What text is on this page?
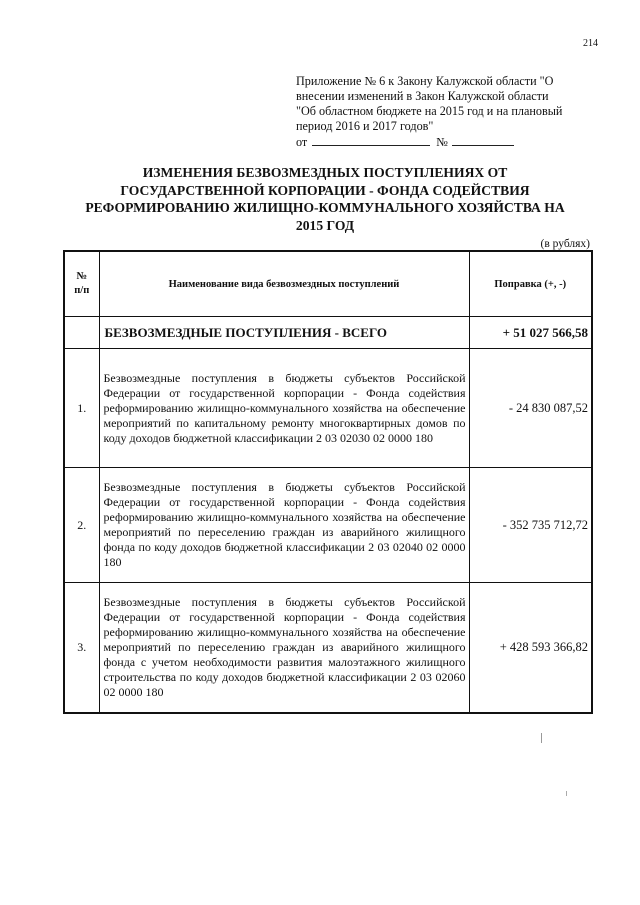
214
Приложение № 6 к Закону Калужской области "О
внесении изменений в Закон Калужской области
"Об областном бюджете на 2015 год и на плановый
период 2016 и 2017 годов"
от	№
ИЗМЕНЕНИЯ БЕЗВОЗМЕЗДНЫХ ПОСТУПЛЕНИЯХ ОТ ГОСУДАРСТВЕННОЙ КОРПОРАЦИИ - ФОНДА СОДЕЙСТВИЯ РЕФОРМИРОВАНИЮ ЖИЛИЩНО-КОММУНАЛЬНОГО ХОЗЯЙСТВА НА 2015 ГОД
(в рублях)
№
п/п	Наименование вида безвозмездных поступлений	Поправка (+, -)
	БЕЗВОЗМЕЗДНЫЕ ПОСТУПЛЕНИЯ - ВСЕГО	+ 51 027 566,58
1.	Безвозмездные поступления в бюджеты субъектов Российской Федерации от государственной корпорации - Фонда содействия реформированию жилищно-коммунального хозяйства на обеспечение мероприятий по капитальному ремонту многоквартирных домов по коду доходов бюджетной классификации 2 03 02030 02 0000 180	- 24 830 087,52
2.	Безвозмездные поступления в бюджеты субъектов Российской Федерации от государственной корпорации - Фонда содействия реформированию жилищно-коммунального хозяйства на обеспечение мероприятий по переселению граждан из аварийного жилищного фонда по коду доходов бюджетной классификации 2 03 02040 02 0000 180	- 352 735 712,72
3.	Безвозмездные поступления в бюджеты субъектов Российской Федерации от государственной корпорации - Фонда содействия реформированию жилищно-коммунального хозяйства на обеспечение мероприятий по переселению граждан из аварийного жилищного фонда с учетом необходимости развития малоэтажного жилищного строительства по коду доходов бюджетной классификации 2 03 02060 02 0000 180	+ 428 593 366,82
